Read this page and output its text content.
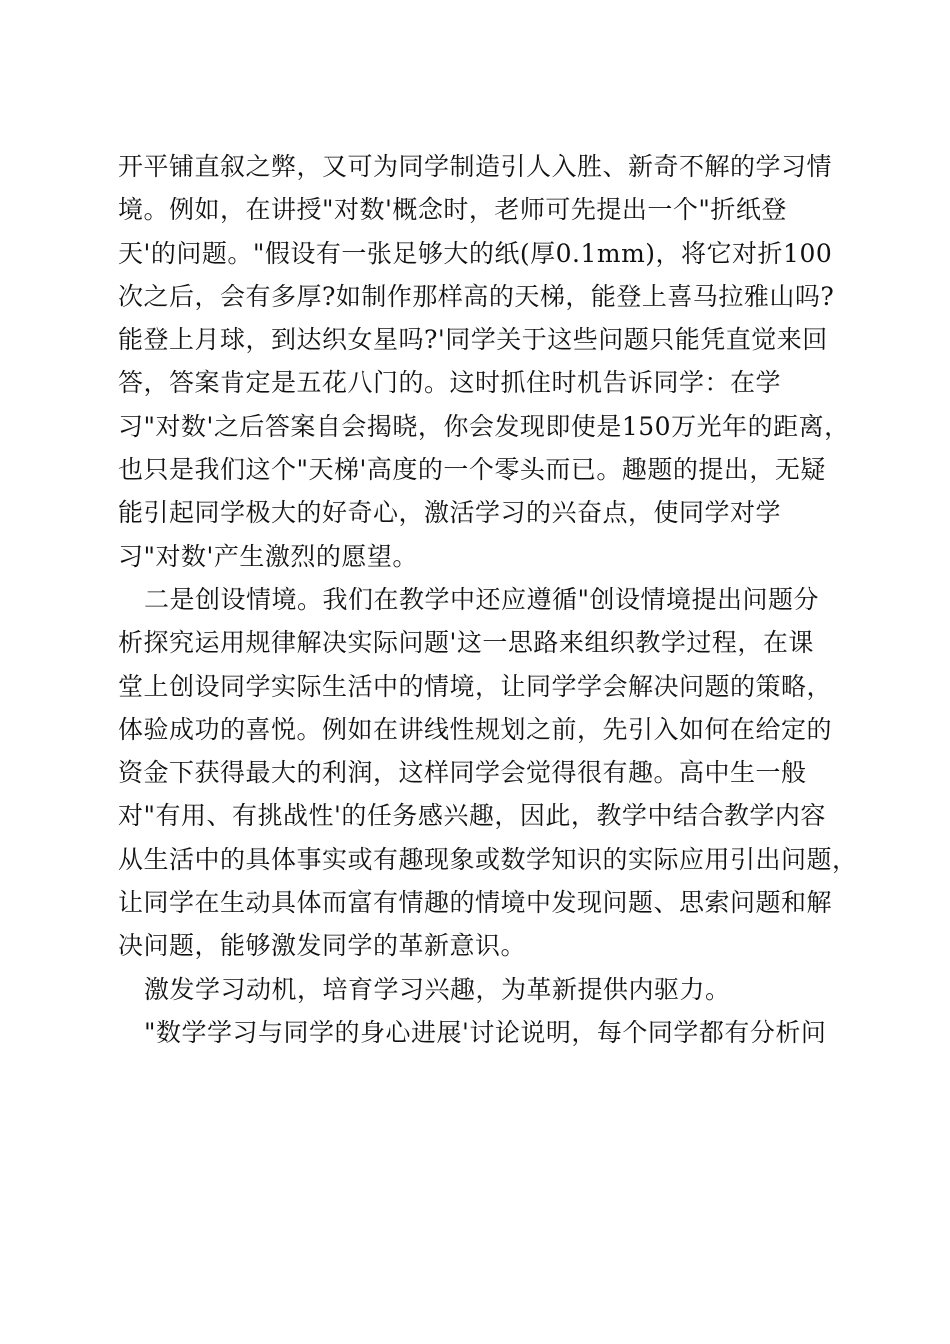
开平铺直叙之弊，又可为同学制造引人入胜、新奇不解的学习情
境。例如，在讲授"对数'概念时，老师可先提出一个"折纸登
天'的问题。"假设有一张足够大的纸(厚0.1mm)，将它对折100
次之后，会有多厚?如制作那样高的天梯，能登上喜马拉雅山吗?
能登上月球，到达织女星吗?'同学关于这些问题只能凭直觉来回
答，答案肯定是五花八门的。这时抓住时机告诉同学：在学
习"对数'之后答案自会揭晓，你会发现即使是150万光年的距离，
也只是我们这个"天梯'高度的一个零头而已。趣题的提出，无疑
能引起同学极大的好奇心，激活学习的兴奋点，使同学对学
习"对数'产生激烈的愿望。
二是创设情境。我们在教学中还应遵循"创设情境提出问题分
析探究运用规律解决实际问题'这一思路来组织教学过程，在课
堂上创设同学实际生活中的情境，让同学学会解决问题的策略，
体验成功的喜悦。例如在讲线性规划之前，先引入如何在给定的
资金下获得最大的利润，这样同学会觉得很有趣。高中生一般
对"有用、有挑战性'的任务感兴趣，因此，教学中结合教学内容
从生活中的具体事实或有趣现象或数学知识的实际应用引出问题，
让同学在生动具体而富有情趣的情境中发现问题、思索问题和解
决问题，能够激发同学的革新意识。
激发学习动机，培育学习兴趣，为革新提供内驱力。
"数学学习与同学的身心进展'讨论说明，每个同学都有分析问
